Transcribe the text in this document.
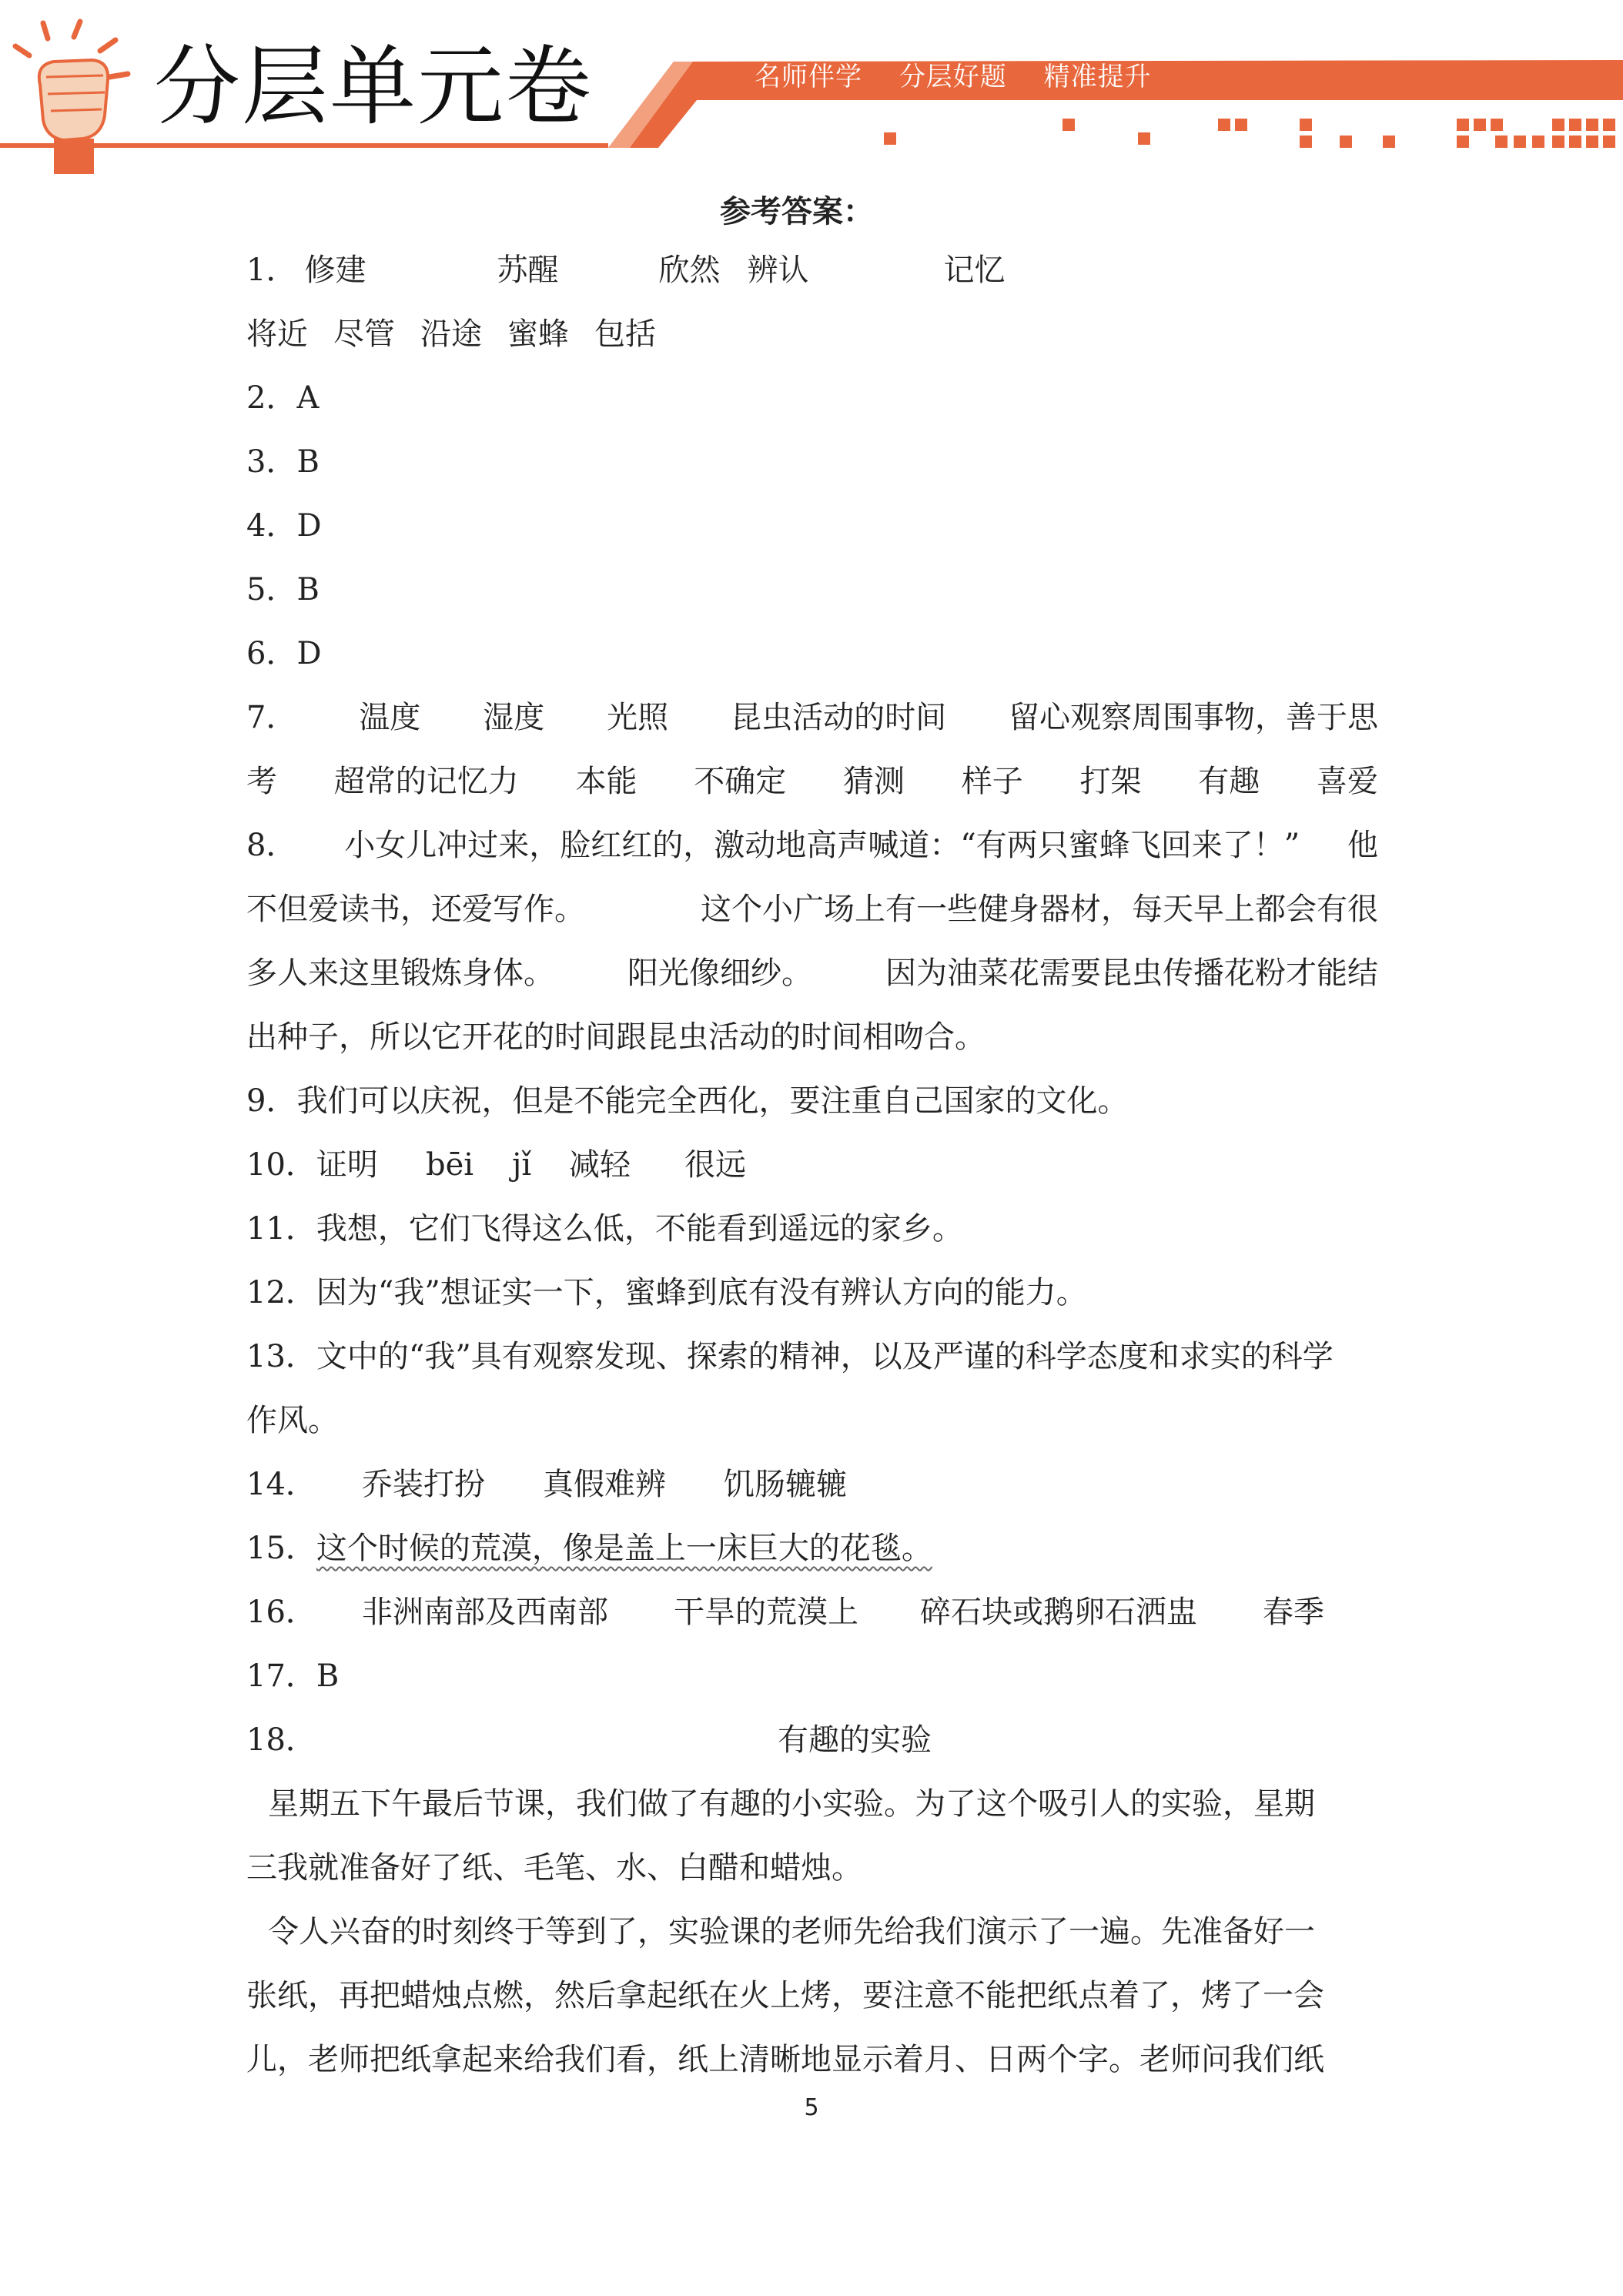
分层单元卷	名师伴学 分层好题 精准提升
参考答案：
1． 修建	苏醒	欣然 辨认	记忆
将近 尽管 沿途 蜜蜂 包括
2．A
3．B
4．D
5．B
6．D
7． 温度 湿度 光照 昆虫活动的时间 留心观察周围事物，善于思
考 超常的记忆力 本能 不确定 猜测 样子 打架 有趣 喜爱
8． 小女儿冲过来，脸红红的，激动地高声喊道：“有两只蜜蜂飞回来了！” 他
不但爱读书，还爱写作。	这个小广场上有一些健身器材，每天早上都会有很
多人来这里锻炼身体。 阳光像细纱。 因为油菜花需要昆虫传播花粉才能结
出种子，所以它开花的时间跟昆虫活动的时间相吻合。
9．我们可以庆祝，但是不能完全西化，要注重自己国家的文化。
10．证明 bēi jǐ 减轻 很远
11．我想，它们飞得这么低，不能看到遥远的家乡。
12．因为“我”想证实一下，蜜蜂到底有没有辨认方向的能力。
13．文中的“我”具有观察发现、探索的精神，以及严谨的科学态度和求实的科学
作风。
14． 乔装打扮 真假难辨 饥肠辘辘
15．这个时候的荒漠，像是盖上一床巨大的花毯。
16． 非洲南部及西南部 干旱的荒漠上 碎石块或鹅卵石洒盅 春季
17．B
18．	有趣的实验
星期五下午最后节课，我们做了有趣的小实验。为了这个吸引人的实验，星期
三我就准备好了纸、毛笔、水、白醋和蜡烛。
令人兴奋的时刻终于等到了，实验课的老师先给我们演示了一遍。先准备好一
张纸，再把蜡烛点燃，然后拿起纸在火上烤，要注意不能把纸点着了，烤了一会
儿，老师把纸拿起来给我们看，纸上清晰地显示着月、日两个字。老师问我们纸
5
